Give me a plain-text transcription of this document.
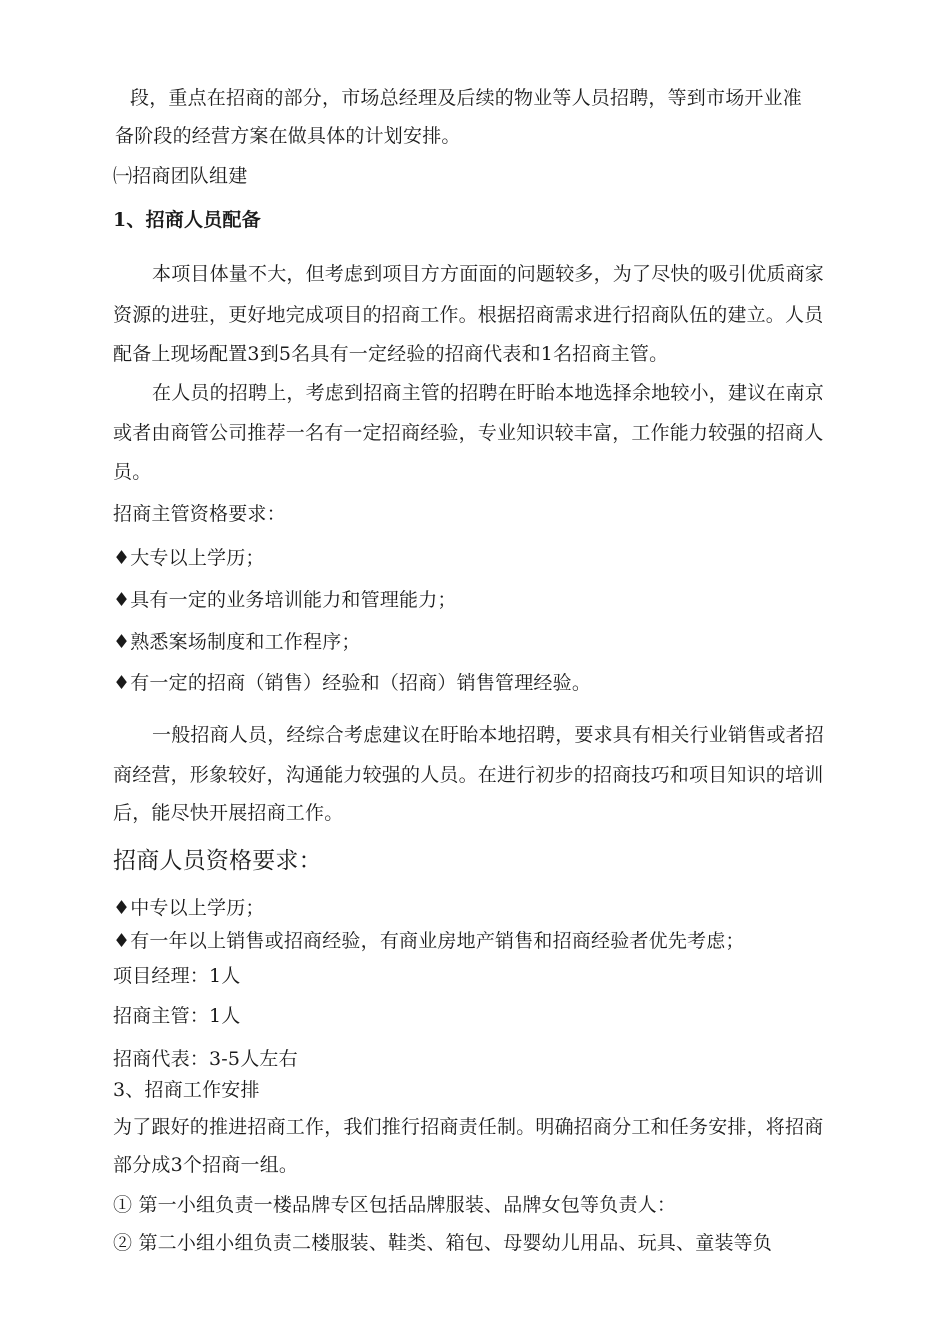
段，重点在招商的部分，市场总经理及后续的物业等人员招聘，等到市场开业准
备阶段的经营方案在做具体的计划安排。
㈠招商团队组建
1、招商人员配备
本项目体量不大，但考虑到项目方方面面的问题较多，为了尽快的吸引优质商家
资源的进驻，更好地完成项目的招商工作。根据招商需求进行招商队伍的建立。人员
配备上现场配置3到5名具有一定经验的招商代表和1名招商主管。
在人员的招聘上，考虑到招商主管的招聘在盱眙本地选择余地较小，建议在南京
或者由商管公司推荐一名有一定招商经验，专业知识较丰富，工作能力较强的招商人
员。
招商主管资格要求：
♦大专以上学历；
♦具有一定的业务培训能力和管理能力；
♦熟悉案场制度和工作程序；
♦有一定的招商（销售）经验和（招商）销售管理经验。
一般招商人员，经综合考虑建议在盱眙本地招聘，要求具有相关行业销售或者招
商经营，形象较好，沟通能力较强的人员。在进行初步的招商技巧和项目知识的培训
后，能尽快开展招商工作。
招商人员资格要求：
♦中专以上学历；
♦有一年以上销售或招商经验，有商业房地产销售和招商经验者优先考虑；
项目经理：1人
招商主管：1人
招商代表：3-5人左右
3、招商工作安排
为了跟好的推进招商工作，我们推行招商责任制。明确招商分工和任务安排，将招商
部分成3个招商一组。
① 第一小组负责一楼品牌专区包括品牌服装、品牌女包等负责人：
② 第二小组小组负责二楼服装、鞋类、箱包、母婴幼儿用品、玩具、童装等负
